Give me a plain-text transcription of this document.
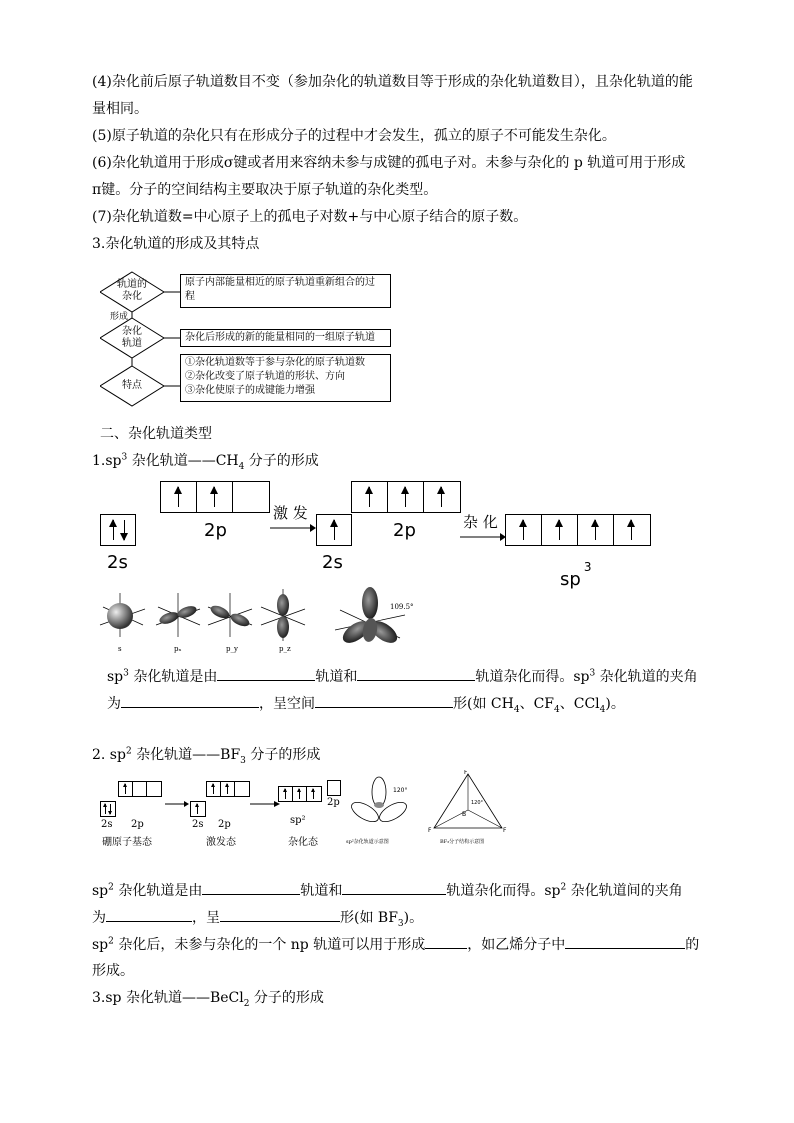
(4)杂化前后原子轨道数目不变（参加杂化的轨道数目等于形成的杂化轨道数目），且杂化轨道的能
量相同。
(5)原子轨道的杂化只有在形成分子的过程中才会发生，孤立的原子不可能发生杂化。
(6)杂化轨道用于形成σ键或者用来容纳未参与成键的孤电子对。未参与杂化的 p 轨道可用于形成
π键。分子的空间结构主要取决于原子轨道的杂化类型。
(7)杂化轨道数=中心原子上的孤电子对数+与中心原子结合的原子数。
3.杂化轨道的形成及其特点
轨道的
杂化
形成
杂化
轨道
特点
原子内部能量相近的原子轨道重新组合的过
程
杂化后形成的新的能量相同的一组原子轨道
①杂化轨道数等于参与杂化的原子轨道数
②杂化改变了原子轨道的形状、方向
③杂化使原子的成键能力增强
二、杂化轨道类型
$1.sp^3$ 杂化轨道$——CH_4$ 分子的形成
2p
2s
激 发
2s
2p	杂 化
$sp^3$
s	pₓ	p_y	p_z
109.5°
$sp^3$ 杂化轨道是由	轨道和	轨道杂化而得。$sp^3$ 杂化轨道的夹角
为	，呈空间	形(如 $CH_4$、$CF_4$、CCl$_4$)。
2. $sp^2$ 杂化轨道$——BF_3$ 分子的形成
2s 2p
硼原子基态
2s 2p
激发态
2p
sp²
杂化态
120°
sp²杂化轨道示意图
F
F	F
B
120°
BF₃分子结构示意图
$sp^2$ 杂化轨道是由	轨道和	轨道杂化而得。$sp^2$ 杂化轨道间的夹角
为	，呈	形(如 $BF_3$)。
$sp^2$ 杂化后，未参与杂化的一个 np 轨道可以用于形成	，如乙烯分子中	的
形成。
3.sp 杂化轨道——BeCl$_2$ 分子的形成
